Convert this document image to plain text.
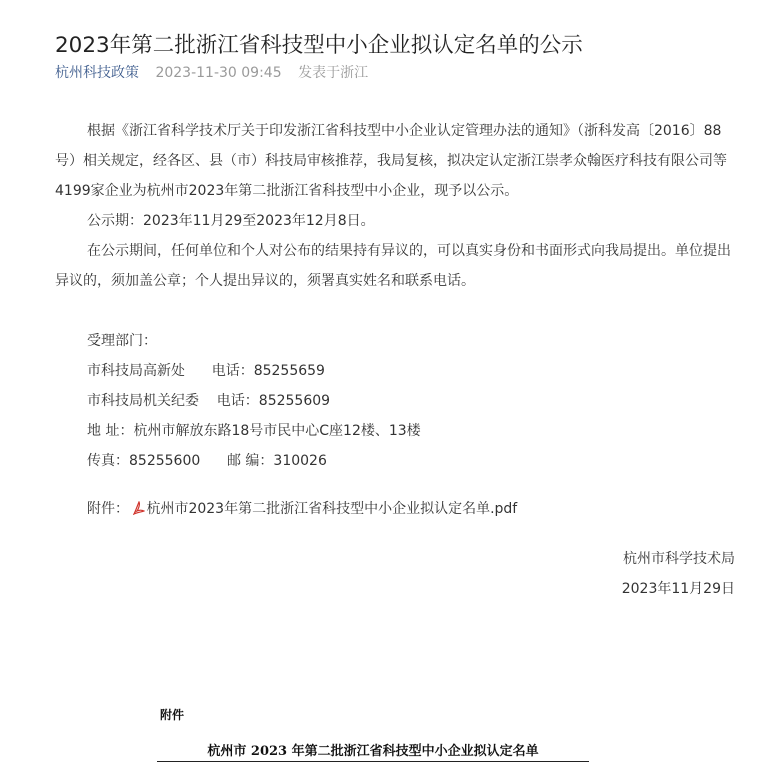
2023年第二批浙江省科技型中小企业拟认定名单的公示
杭州科技政策 2023-11-30 09:45 发表于浙江

根据《浙江省科学技术厅关于印发浙江省科技型中小企业认定管理办法的通知》（浙科发高〔2016〕88号）相关规定，经各区、县（市）科技局审核推荐，我局复核，拟决定认定浙江崇孝众翰医疗科技有限公司等4199家企业为杭州市2023年第二批浙江省科技型中小企业，现予以公示。

公示期：2023年11月29至2023年12月8日。

在公示期间，任何单位和个人对公布的结果持有异议的，可以真实身份和书面形式向我局提出。单位提出异议的，须加盖公章；个人提出异议的，须署真实姓名和联系电话。

受理部门：

市科技局高新处      电话：85255659

市科技局机关纪委    电话：85255609

地 址：杭州市解放东路18号市民中心C座12楼、13楼

传真：85255600      邮 编：310026

附件： 杭州市2023年第二批浙江省科技型中小企业拟认定名单.pdf

杭州市科学技术局

2023年11月29日

附件
杭州市 2023 年第二批浙江省科技型中小企业拟认定名单
